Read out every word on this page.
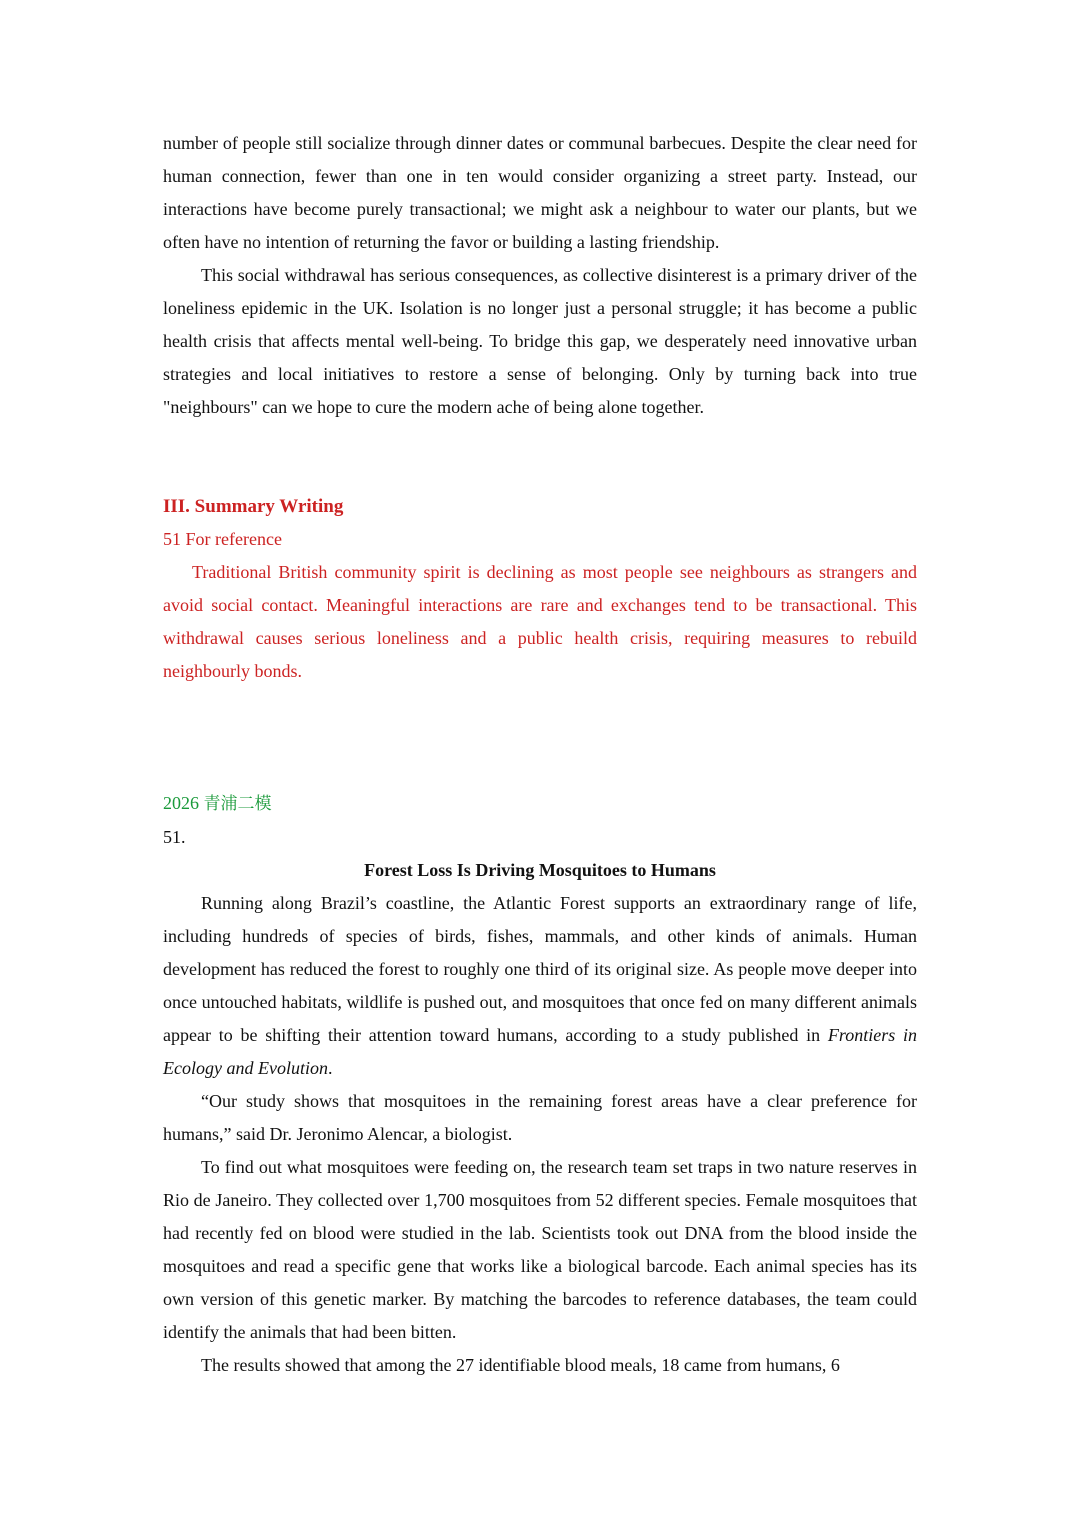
number of people still socialize through dinner dates or communal barbecues. Despite the clear need for human connection, fewer than one in ten would consider organizing a street party. Instead, our interactions have become purely transactional; we might ask a neighbour to water our plants, but we often have no intention of returning the favor or building a lasting friendship.

This social withdrawal has serious consequences, as collective disinterest is a primary driver of the loneliness epidemic in the UK. Isolation is no longer just a personal struggle; it has become a public health crisis that affects mental well-being. To bridge this gap, we desperately need innovative urban strategies and local initiatives to restore a sense of belonging. Only by turning back into true "neighbours" can we hope to cure the modern ache of being alone together.

III. Summary Writing
51 For reference

Traditional British community spirit is declining as most people see neighbours as strangers and avoid social contact. Meaningful interactions are rare and exchanges tend to be transactional. This withdrawal causes serious loneliness and a public health crisis, requiring measures to rebuild neighbourly bonds.

2026 青浦二模
51.
Forest Loss Is Driving Mosquitoes to Humans

Running along Brazil’s coastline, the Atlantic Forest supports an extraordinary range of life, including hundreds of species of birds, fishes, mammals, and other kinds of animals. Human development has reduced the forest to roughly one third of its original size. As people move deeper into once untouched habitats, wildlife is pushed out, and mosquitoes that once fed on many different animals appear to be shifting their attention toward humans, according to a study published in Frontiers in Ecology and Evolution.

“Our study shows that mosquitoes in the remaining forest areas have a clear preference for humans,” said Dr. Jeronimo Alencar, a biologist.

To find out what mosquitoes were feeding on, the research team set traps in two nature reserves in Rio de Janeiro. They collected over 1,700 mosquitoes from 52 different species. Female mosquitoes that had recently fed on blood were studied in the lab. Scientists took out DNA from the blood inside the mosquitoes and read a specific gene that works like a biological barcode. Each animal species has its own version of this genetic marker. By matching the barcodes to reference databases, the team could identify the animals that had been bitten.

The results showed that among the 27 identifiable blood meals, 18 came from humans, 6
